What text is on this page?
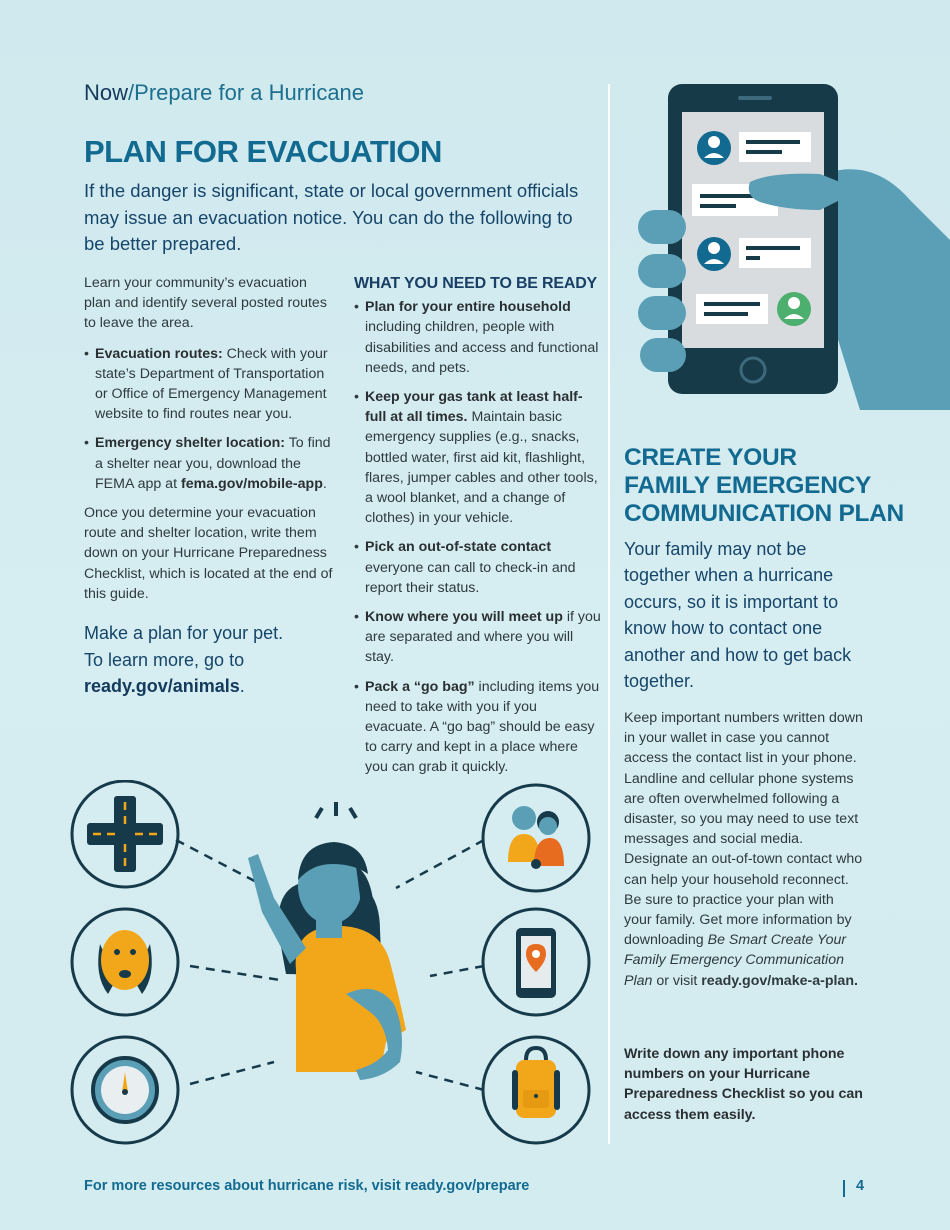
Now/Prepare for a Hurricane
PLAN FOR EVACUATION

If the danger is significant, state or local government officials may issue an evacuation notice. You can do the following to be better prepared.

Learn your community’s evacuation plan and identify several posted routes to leave the area.

• Evacuation routes: Check with your state’s Department of Transportation or Office of Emergency Management website to find routes near you.
• Emergency shelter location: To find a shelter near you, download the FEMA app at fema.gov/mobile-app.

Once you determine your evacuation route and shelter location, write them down on your Hurricane Preparedness Checklist, which is located at the end of this guide.

Make a plan for your pet.
To learn more, go to
ready.gov/animals.
WHAT YOU NEED TO BE READY
• Plan for your entire household including children, people with disabilities and access and functional needs, and pets.
• Keep your gas tank at least half-full at all times. Maintain basic emergency supplies (e.g., snacks, bottled water, first aid kit, flashlight, flares, jumper cables and other tools, a wool blanket, and a change of clothes) in your vehicle.
• Pick an out-of-state contact everyone can call to check-in and report their status.
• Know where you will meet up if you are separated and where you will stay.
• Pack a “go bag” including items you need to take with you if you evacuate. A “go bag” should be easy to carry and kept in a place where you can grab it quickly.
CREATE YOUR
FAMILY EMERGENCY
COMMUNICATION PLAN

Your family may not be together when a hurricane occurs, so it is important to know how to contact one another and how to get back together.

Keep important numbers written down in your wallet in case you cannot access the contact list in your phone. Landline and cellular phone systems are often overwhelmed following a disaster, so you may need to use text messages and social media. Designate an out-of-town contact who can help your household reconnect. Be sure to practice your plan with your family. Get more information by downloading Be Smart Create Your Family Emergency Communication Plan or visit ready.gov/make-a-plan.

Write down any important phone numbers on your Hurricane Preparedness Checklist so you can access them easily.

For more resources about hurricane risk, visit ready.gov/prepare	4
